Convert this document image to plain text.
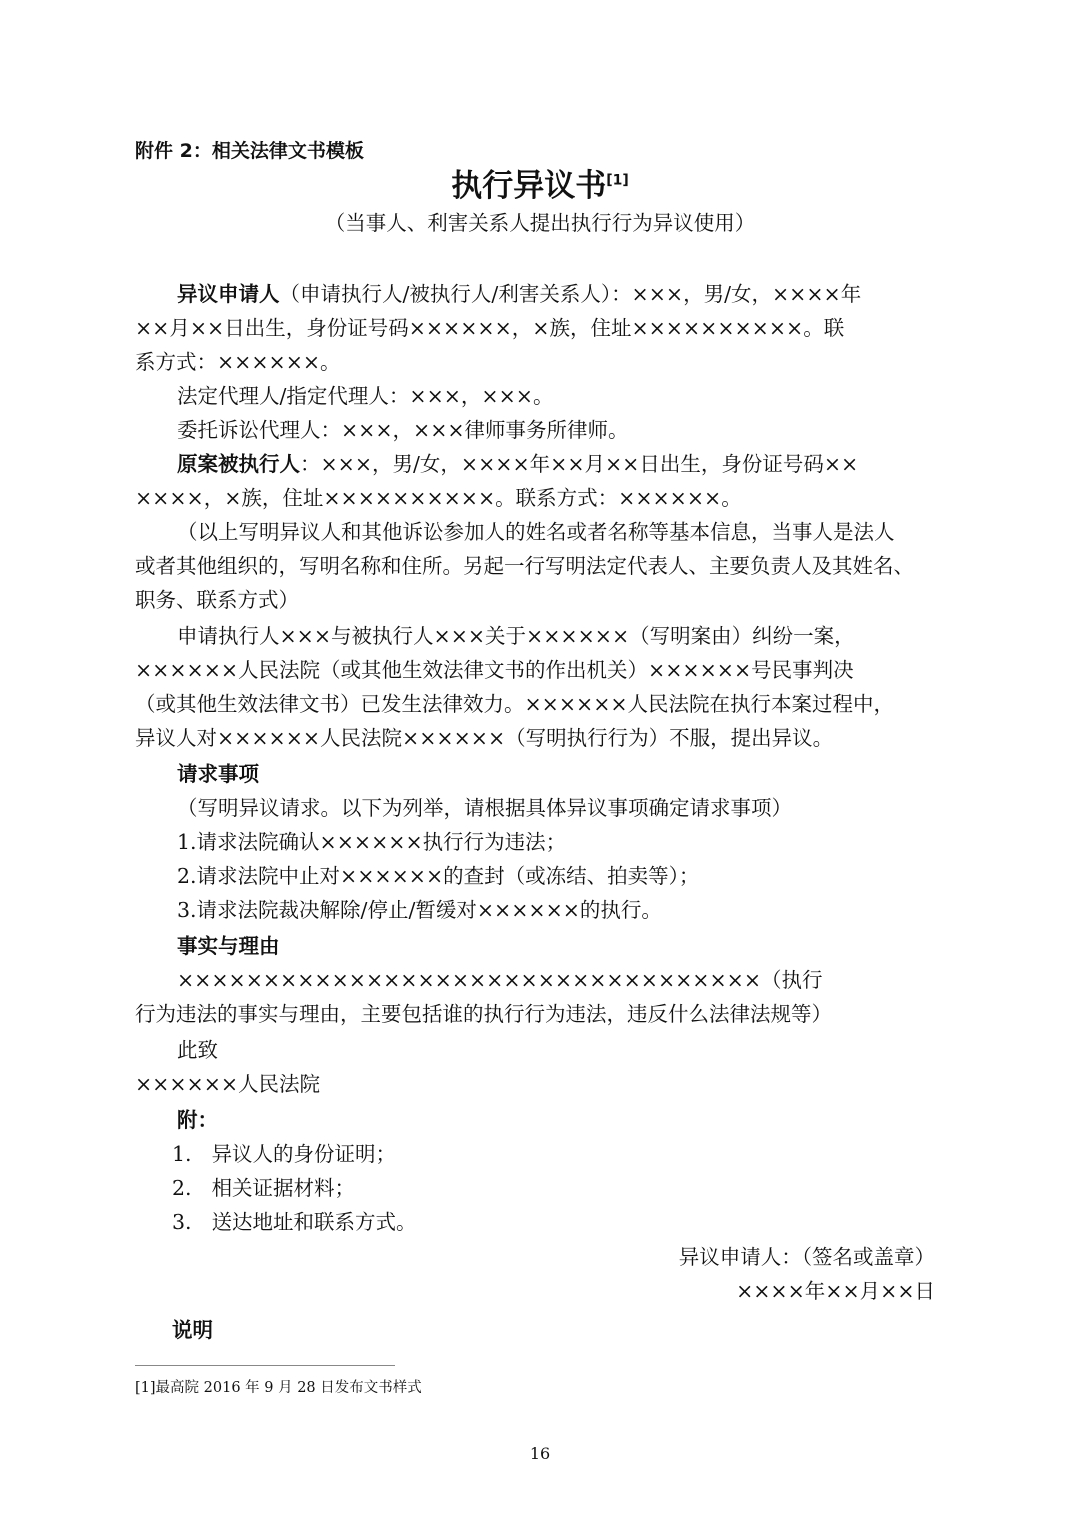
附件 2：相关法律文书模板
执行异议书[1]
（当事人、利害关系人提出执行行为异议使用）
异议申请人（申请执行人/被执行人/利害关系人）：×××，男/女，××××年
××月××日出生，身份证号码××××××，×族，住址××××××××××。联
系方式：××××××。
法定代理人/指定代理人：×××，×××。
委托诉讼代理人：×××，×××律师事务所律师。
原案被执行人：×××，男/女，××××年××月××日出生，身份证号码××
××××，×族，住址××××××××××。联系方式：××××××。
（以上写明异议人和其他诉讼参加人的姓名或者名称等基本信息，当事人是法人
或者其他组织的，写明名称和住所。另起一行写明法定代表人、主要负责人及其姓名、
职务、联系方式）
申请执行人×××与被执行人×××关于××××××（写明案由）纠纷一案，
××××××人民法院（或其他生效法律文书的作出机关）××××××号民事判决
（或其他生效法律文书）已发生法律效力。××××××人民法院在执行本案过程中，
异议人对××××××人民法院××××××（写明执行行为）不服，提出异议。
请求事项
（写明异议请求。以下为列举，请根据具体异议事项确定请求事项）
1.请求法院确认××××××执行行为违法；
2.请求法院中止对××××××的查封（或冻结、拍卖等）；
3.请求法院裁决解除/停止/暂缓对××××××的执行。
事实与理由
××××××××××××××××××××××××××××××××××（执行
行为违法的事实与理由，主要包括谁的执行行为违法，违反什么法律法规等）
此致
××××××人民法院
附：
1. 异议人的身份证明；
2. 相关证据材料；
3. 送达地址和联系方式。
异议申请人：（签名或盖章）
××××年××月××日
说明
[1]最高院 2016 年 9 月 28 日发布文书样式
16
